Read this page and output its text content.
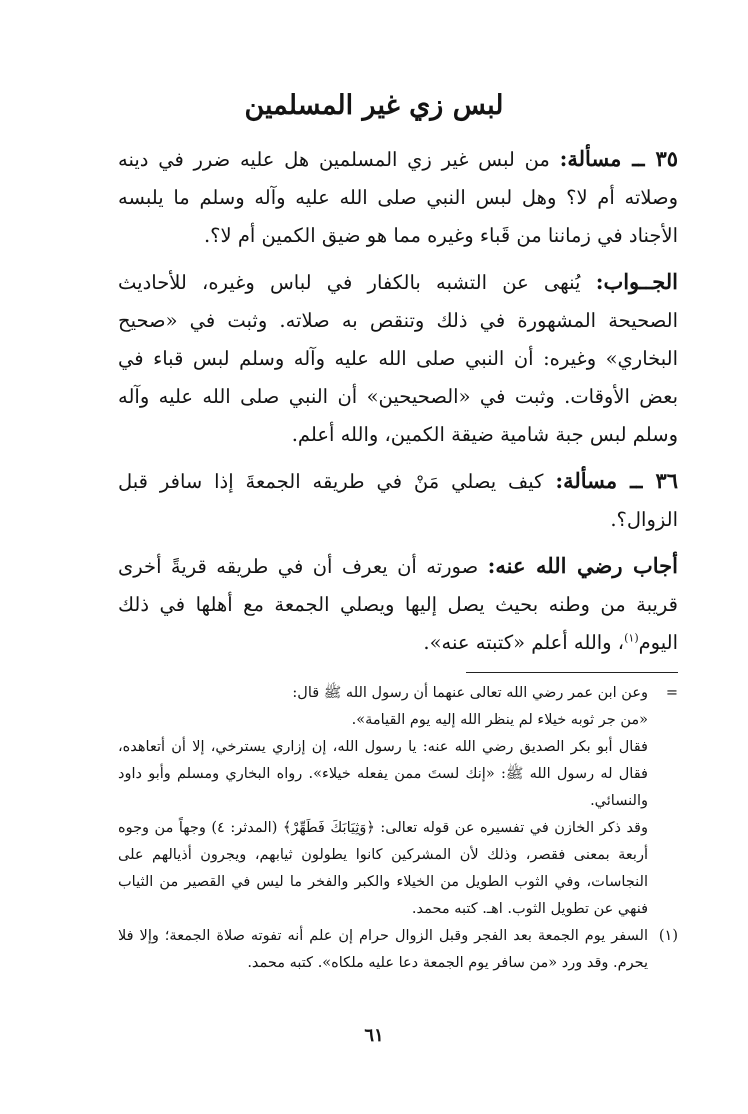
لبس زي غير المسلمين

٣٥ ــ مسألة: من لبس غير زي المسلمين هل عليه ضرر في دينه وصلاته أم لا؟ وهل لبس النبي صلى الله عليه وآله وسلم ما يلبسه الأجناد في زماننا من قَباء وغيره مما هو ضيق الكمين أم لا؟.

الجــواب: يُنهى عن التشبه بالكفار في لباس وغيره، للأحاديث الصحيحة المشهورة في ذلك وتنقص به صلاته. وثبت في «صحيح البخاري» وغيره: أن النبي صلى الله عليه وآله وسلم لبس قباء في بعض الأوقات. وثبت في «الصحيحين» أن النبي صلى الله عليه وآله وسلم لبس جبة شامية ضيقة الكمين، والله أعلم.

٣٦ ــ مسألة: كيف يصلي مَنْ في طريقه الجمعةَ إذا سافر قبل الزوال؟.

أجاب رضي الله عنه: صورته أن يعرف أن في طريقه قريةً أخرى قريبة من وطنه بحيث يصل إليها ويصلي الجمعة مع أهلها في ذلك اليوم$^{(١)}$، والله أعلم «كتبته عنه».

=

وعن ابن عمر رضي الله تعالى عنهما أن رسول الله ﷺ قال:

«من جر ثوبه خيلاء لم ينظر الله إليه يوم القيامة».

فقال أبو بكر الصديق رضي الله عنه: يا رسول الله، إن إزاري يسترخي، إلا أن أتعاهده، فقال له رسول الله ﷺ: «إنك لستَ ممن يفعله خيلاء». رواه البخاري ومسلم وأبو داود والنسائي.

وقد ذكر الخازن في تفسيره عن قوله تعالى: ﴿وَثِيَابَكَ فَطَهِّرْ﴾ (المدثر: ٤) وجهاً من وجوه أربعة بمعنى فقصر، وذلك لأن المشركين كانوا يطولون ثيابهم، ويجرون أذيالهم على النجاسات، وفي الثوب الطويل من الخيلاء والكبر والفخر ما ليس في القصير من الثياب فنهي عن تطويل الثوب. اهـ. كتبه محمد.

(١)

السفر يوم الجمعة بعد الفجر وقبل الزوال حرام إن علم أنه تفوته صلاة الجمعة؛ وإلا فلا يحرم. وقد ورد «من سافر يوم الجمعة دعا عليه ملكاه». كتبه محمد.

٦١
